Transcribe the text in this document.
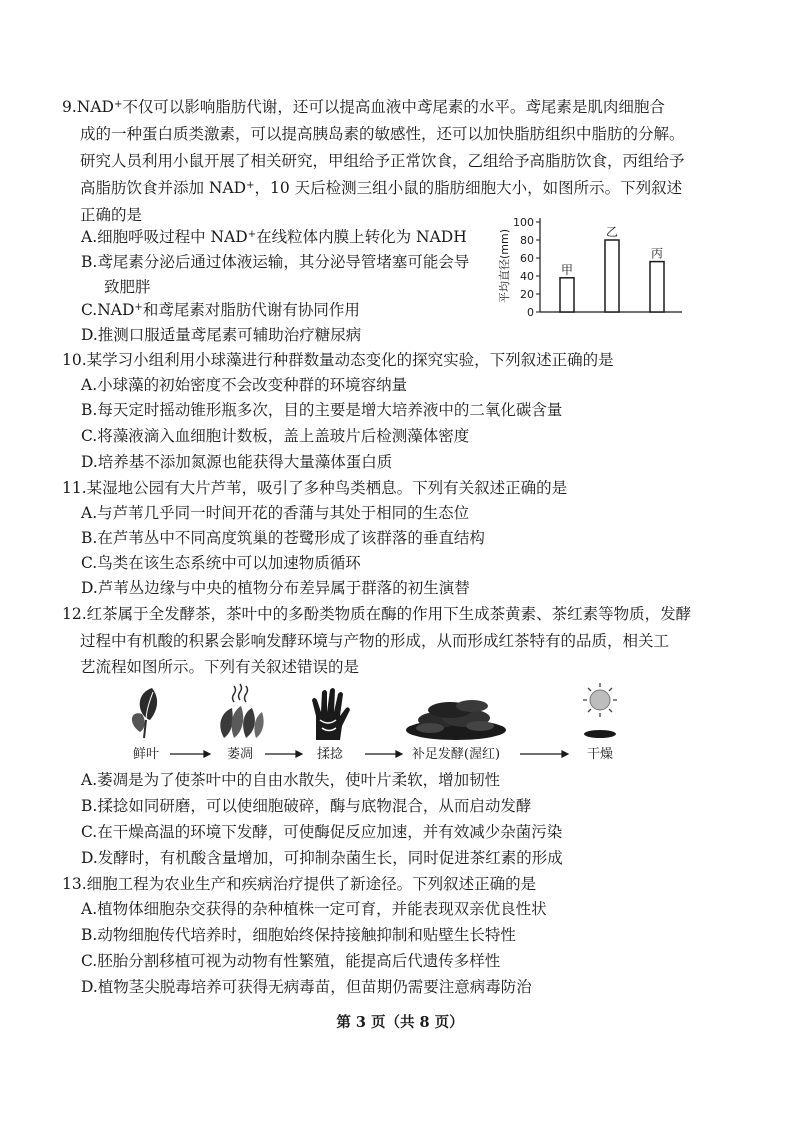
9.NAD+不仅可以影响脂肪代谢，还可以提高血液中鸢尾素的水平。鸢尾素是肌肉细胞合
成的一种蛋白质类激素，可以提高胰岛素的敏感性，还可以加快脂肪组织中脂肪的分解。
研究人员利用小鼠开展了相关研究，甲组给予正常饮食，乙组给予高脂肪饮食，丙组给予
高脂肪饮食并添加 NAD+，10 天后检测三组小鼠的脂肪细胞大小，如图所示。下列叙述
正确的是
A.细胞呼吸过程中 NAD+在线粒体内膜上转化为 NADH
B.鸢尾素分泌后通过体液运输，其分泌导管堵塞可能会导
致肥胖
C.NAD+和鸢尾素对脂肪代谢有协同作用
D.推测口服适量鸢尾素可辅助治疗糖尿病
平均直径(mm)
0
20
40
60
80
100
甲
乙
丙
10.某学习小组利用小球藻进行种群数量动态变化的探究实验，下列叙述正确的是
A.小球藻的初始密度不会改变种群的环境容纳量
B.每天定时摇动锥形瓶多次，目的主要是增大培养液中的二氧化碳含量
C.将藻液滴入血细胞计数板，盖上盖玻片后检测藻体密度
D.培养基不添加氮源也能获得大量藻体蛋白质
11.某湿地公园有大片芦苇，吸引了多种鸟类栖息。下列有关叙述正确的是
A.与芦苇几乎同一时间开花的香蒲与其处于相同的生态位
B.在芦苇丛中不同高度筑巢的苍鹭形成了该群落的垂直结构
C.鸟类在该生态系统中可以加速物质循环
D.芦苇丛边缘与中央的植物分布差异属于群落的初生演替
12.红茶属于全发酵茶，茶叶中的多酚类物质在酶的作用下生成茶黄素、茶红素等物质，发酵
过程中有机酸的积累会影响发酵环境与产物的形成，从而形成红茶特有的品质，相关工
艺流程如图所示。下列有关叙述错误的是
鲜叶	萎凋	揉捻	补足发酵(渥红)	干燥
A.萎凋是为了使茶叶中的自由水散失，使叶片柔软，增加韧性
B.揉捻如同研磨，可以使细胞破碎，酶与底物混合，从而启动发酵
C.在干燥高温的环境下发酵，可使酶促反应加速，并有效减少杂菌污染
D.发酵时，有机酸含量增加，可抑制杂菌生长，同时促进茶红素的形成
13.细胞工程为农业生产和疾病治疗提供了新途径。下列叙述正确的是
A.植物体细胞杂交获得的杂种植株一定可育，并能表现双亲优良性状
B.动物细胞传代培养时，细胞始终保持接触抑制和贴壁生长特性
C.胚胎分割移植可视为动物有性繁殖，能提高后代遗传多样性
D.植物茎尖脱毒培养可获得无病毒苗，但苗期仍需要注意病毒防治
第 3 页（共 8 页）
